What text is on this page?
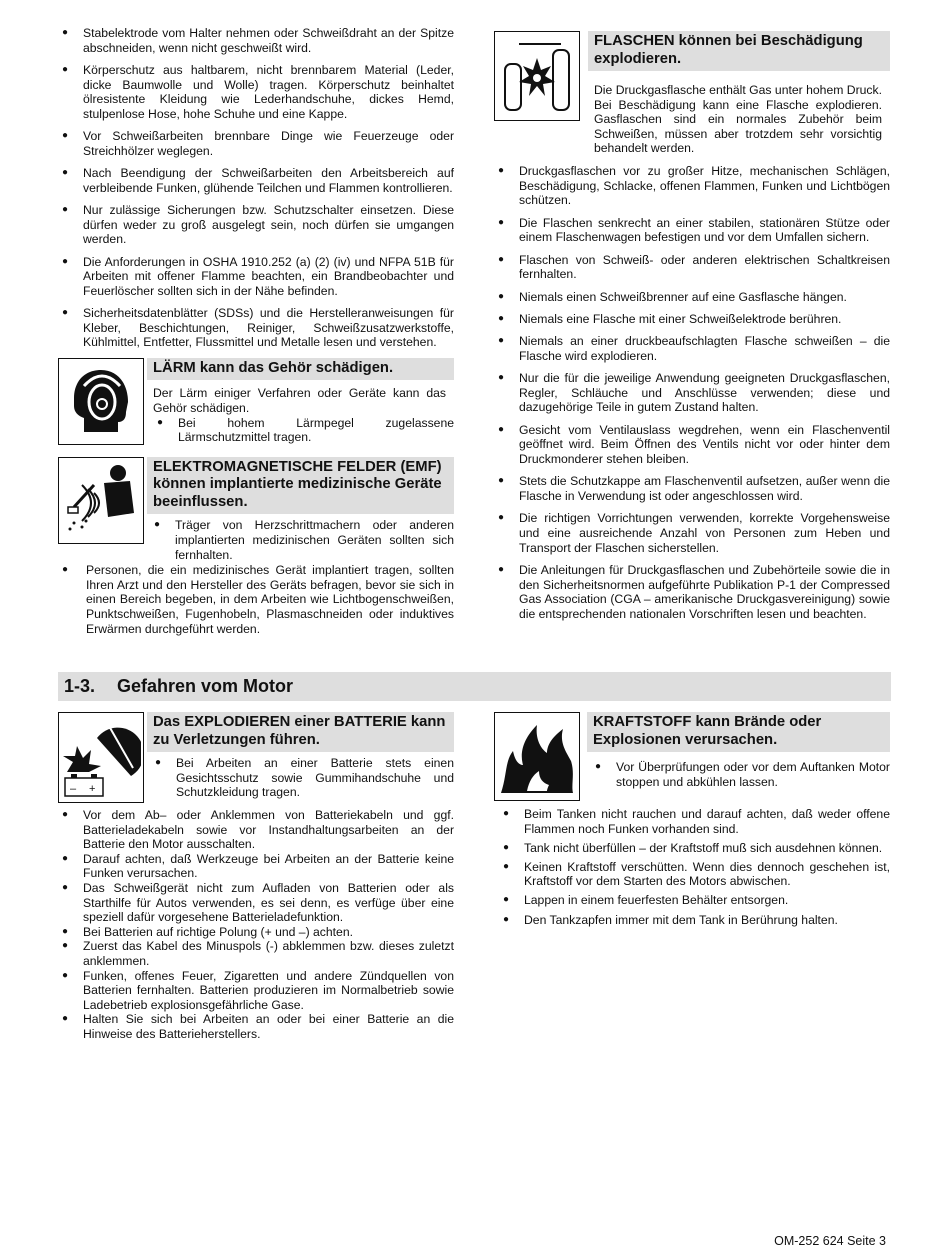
● Stabelektrode vom Halter nehmen oder Schweißdraht an der Spitze abschneiden, wenn nicht geschweißt wird.
● Körperschutz aus haltbarem, nicht brennbarem Material (Leder, dicke Baumwolle und Wolle) tragen. Körperschutz beinhaltet ölresistente Kleidung wie Lederhandschuhe, dickes Hemd, stulpenlose Hose, hohe Schuhe und eine Kappe.
● Vor Schweißarbeiten brennbare Dinge wie Feuerzeuge oder Streichhölzer weglegen.
● Nach Beendigung der Schweißarbeiten den Arbeitsbereich auf verbleibende Funken, glühende Teilchen und Flammen kontrollieren.
● Nur zulässige Sicherungen bzw. Schutzschalter einsetzen. Diese dürfen weder zu groß ausgelegt sein, noch dürfen sie umgangen werden.
● Die Anforderungen in OSHA 1910.252 (a) (2) (iv) und NFPA 51B für Arbeiten mit offener Flamme beachten, ein Brandbeobachter und Feuerlöscher sollten sich in der Nähe befinden.
● Sicherheitsdatenblätter (SDSs) und die Herstelleranweisungen für Kleber, Beschichtungen, Reiniger, Schweißzusatzwerkstoffe, Kühlmittel, Entfetter, Flussmittel und Metalle lesen und verstehen.
LÄRM kann das Gehör schädigen.
Der Lärm einiger Verfahren oder Geräte kann das Gehör schädigen.
● Bei hohem Lärmpegel zugelassene Lärmschutzmittel tragen.
ELEKTROMAGNETISCHE FELDER (EMF) können implantierte medizinische Geräte beeinflussen.
● Träger von Herzschrittmachern oder anderen implantierten medizinischen Geräten sollten sich fernhalten.
● Personen, die ein medizinisches Gerät implantiert tragen, sollten Ihren Arzt und den Hersteller des Geräts befragen, bevor sie sich in einen Bereich begeben, in dem Arbeiten wie Lichtbogenschweißen, Punktschweißen, Fugenhobeln, Plasmaschneiden oder induktives Erwärmen durchgeführt werden.
FLASCHEN können bei Beschädigung explodieren.
Die Druckgasflasche enthält Gas unter hohem Druck. Bei Beschädigung kann eine Flasche explodieren. Gasflaschen sind ein normales Zubehör beim Schweißen, müssen aber trotzdem sehr vorsichtig behandelt werden.
● Druckgasflaschen vor zu großer Hitze, mechanischen Schlägen, Beschädigung, Schlacke, offenen Flammen, Funken und Lichtbögen schützen.
● Die Flaschen senkrecht an einer stabilen, stationären Stütze oder einem Flaschenwagen befestigen und vor dem Umfallen sichern.
● Flaschen von Schweiß- oder anderen elektrischen Schaltkreisen fernhalten.
● Niemals einen Schweißbrenner auf eine Gasflasche hängen.
● Niemals eine Flasche mit einer Schweißelektrode berühren.
● Niemals an einer druckbeaufschlagten Flasche schweißen – die Flasche wird explodieren.
● Nur die für die jeweilige Anwendung geeigneten Druckgasflaschen, Regler, Schläuche und Anschlüsse verwenden; diese und dazugehörige Teile in gutem Zustand halten.
● Gesicht vom Ventilauslass wegdrehen, wenn ein Flaschenventil geöffnet wird. Beim Öffnen des Ventils nicht vor oder hinter dem Druckmonderer stehen bleiben.
● Stets die Schutzkappe am Flaschenventil aufsetzen, außer wenn die Flasche in Verwendung ist oder angeschlossen wird.
● Die richtigen Vorrichtungen verwenden, korrekte Vorgehensweise und eine ausreichende Anzahl von Personen zum Heben und Transport der Flaschen sicherstellen.
● Die Anleitungen für Druckgasflaschen und Zubehörteile sowie die in den Sicherheitsnormen aufgeführte Publikation P-1 der Compressed Gas Association (CGA – amerikanische Druckgasvereinigung) sowie die entsprechenden nationalen Vorschriften lesen und beachten.
1-3. Gefahren vom Motor
– +
Das EXPLODIEREN einer BATTERIE kann zu Verletzungen führen.
● Bei Arbeiten an einer Batterie stets einen Gesichtsschutz sowie Gummihandschuhe und Schutzkleidung tragen.
● Vor dem Ab– oder Anklemmen von Batteriekabeln und ggf. Batterieladekabeln sowie vor Instandhaltungsarbeiten an der Batterie den Motor ausschalten.
● Darauf achten, daß Werkzeuge bei Arbeiten an der Batterie keine Funken verursachen.
● Das Schweißgerät nicht zum Aufladen von Batterien oder als Starthilfe für Autos verwenden, es sei denn, es verfüge über eine speziell dafür vorgesehene Batterieladefunktion.
● Bei Batterien auf richtige Polung (+ und –) achten.
● Zuerst das Kabel des Minuspols (-) abklemmen bzw. dieses zuletzt anklemmen.
● Funken, offenes Feuer, Zigaretten und andere Zündquellen von Batterien fernhalten. Batterien produzieren im Normalbetrieb sowie Ladebetrieb explosionsgefährliche Gase.
● Halten Sie sich bei Arbeiten an oder bei einer Batterie an die Hinweise des Batterieherstellers.
KRAFTSTOFF kann Brände oder Explosionen verursachen.
● Vor Überprüfungen oder vor dem Auftanken Motor stoppen und abkühlen lassen.
● Beim Tanken nicht rauchen und darauf achten, daß weder offene Flammen noch Funken vorhanden sind.
● Tank nicht überfüllen – der Kraftstoff muß sich ausdehnen können.
● Keinen Kraftstoff verschütten. Wenn dies dennoch geschehen ist, Kraftstoff vor dem Starten des Motors abwischen.
● Lappen in einem feuerfesten Behälter entsorgen.
● Den Tankzapfen immer mit dem Tank in Berührung halten.
OM-252 624 Seite 3
